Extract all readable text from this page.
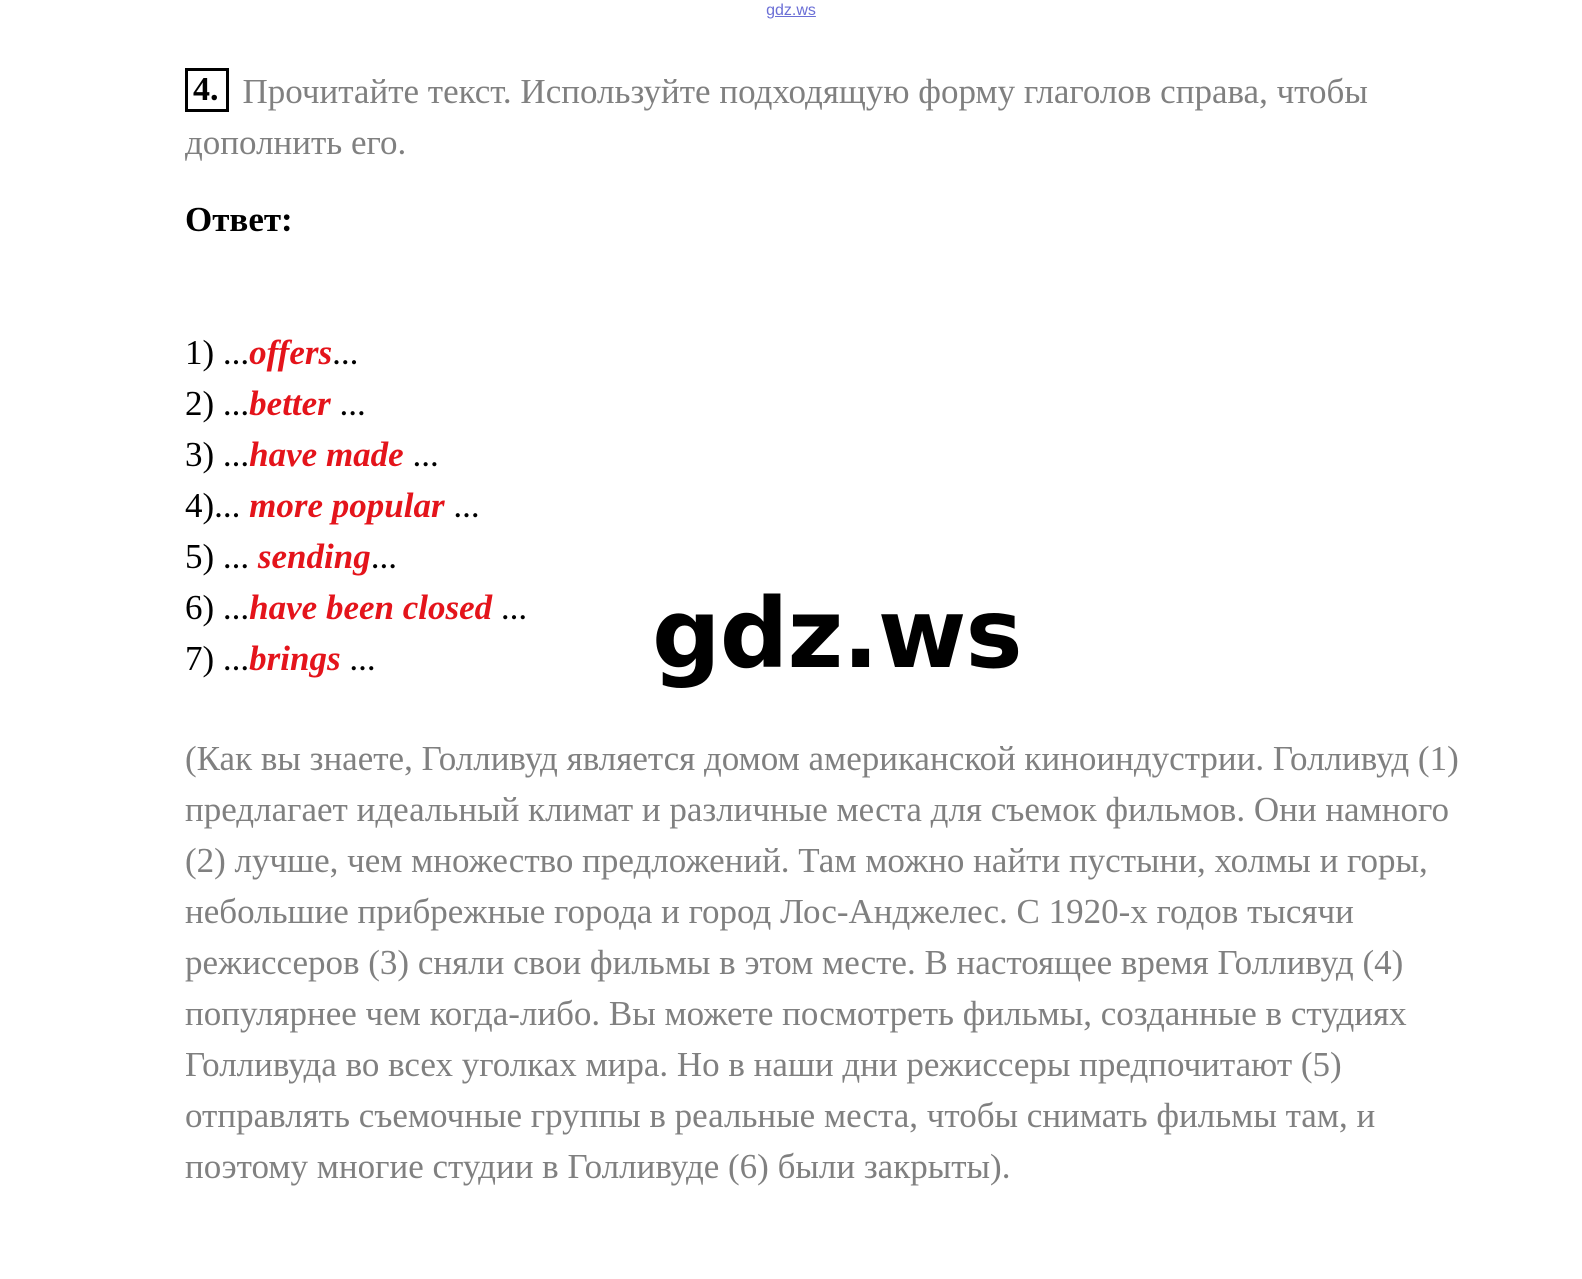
gdz.ws
4. Прочитайте текст. Используйте подходящую форму глаголов справа, чтобы дополнить его.
Ответ:
1) ...offers...
2) ...better ...
3) ...have made ...
4)... more popular ...
5) ... sending...
6) ...have been closed ...
7) ...brings ...	gdz.ws
(Как вы знаете, Голливуд является домом американской киноиндустрии. Голливуд (1) предлагает идеальный климат и различные места для съемок фильмов. Они намного (2) лучше, чем множество предложений. Там можно найти пустыни, холмы и горы, небольшие прибрежные города и город Лос-Анджелес. С 1920-х годов тысячи режиссеров (3) сняли свои фильмы в этом месте. В настоящее время Голливуд (4) популярнее чем когда-либо. Вы можете посмотреть фильмы, созданные в студиях Голливуда во всех уголках мира. Но в наши дни режиссеры предпочитают (5) отправлять съемочные группы в реальные места, чтобы снимать фильмы там, и поэтому многие студии в Голливуде (6) были закрыты).
